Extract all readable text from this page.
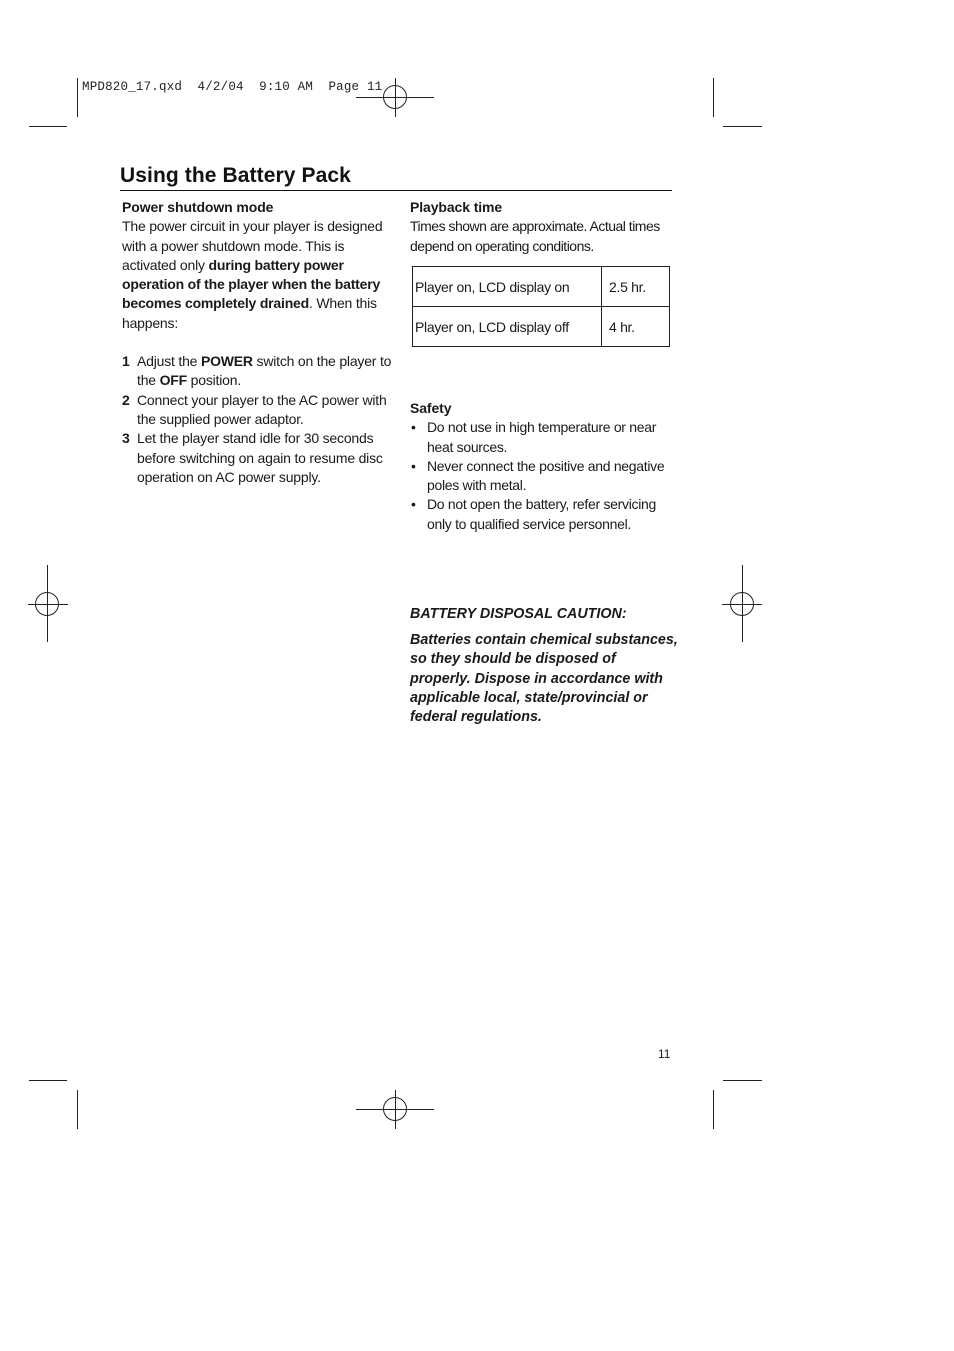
MPD820_17.qxd  4/2/04  9:10 AM  Page 11
Using the Battery Pack
Power shutdown mode

The power circuit in your player is designed with a power shutdown mode. This is activated only during battery power operation of the player when the battery becomes completely drained. When this happens:

1 Adjust the POWER switch on the player to the OFF position.
2 Connect your player to the AC power with the supplied power adaptor.
3 Let the player stand idle for 30 seconds before switching on again to resume disc operation on AC power supply.
Playback time

Times shown are approximate. Actual times depend on operating conditions.

Player on, LCD display on	2.5 hr.
Player on, LCD display off	4 hr.
Safety
• Do not use in high temperature or near heat sources.
• Never connect the positive and negative poles with metal.
• Do not open the battery, refer servicing only to qualified service personnel.
BATTERY DISPOSAL CAUTION:
Batteries contain chemical substances, so they should be disposed of properly. Dispose in accordance with applicable local, state/provincial or federal regulations.
11
